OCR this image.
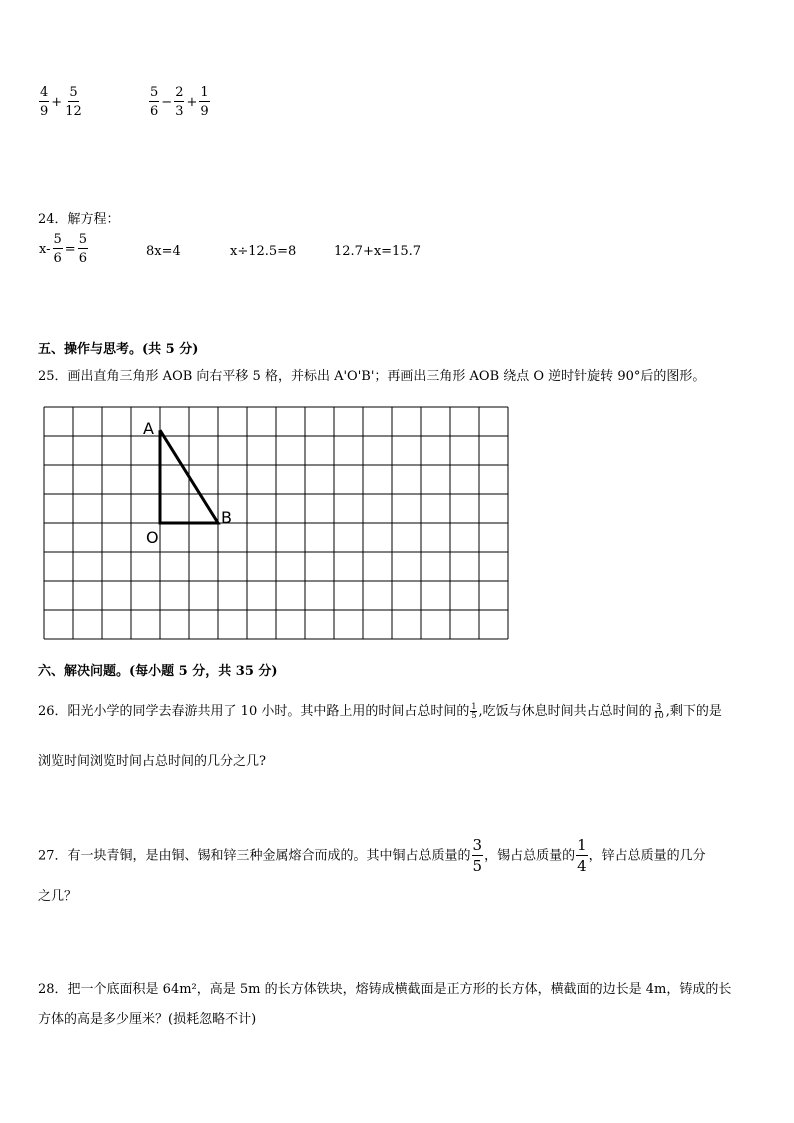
$\frac{4}{9} + \frac{5}{12}$	$\frac{5}{6} - \frac{2}{3} + \frac{1}{9}$
24．解方程：
$x- \frac{5}{6} = \frac{5}{6}$	8x=4	x÷12.5=8	12.7+x=15.7
五、操作与思考。(共 5 分)
25．画出直角三角形 AOB 向右平移 5 格，并标出 A'O'B'；再画出三角形 AOB 绕点 O 逆时针旋转 90°后的图形。
A
O
B
六、解决问题。(每小题 5 分，共 35 分)
26．阳光小学的同学去春游共用了 10 小时。其中路上用的时间占总时间的 $\frac{1}{5}$ ,吃饭与休息时间共占总时间的 $\frac{3}{10}$ ,剩下的是
浏览时间浏览时间占总时间的几分之几?
27．有一块青铜，是由铜、锡和锌三种金属熔合而成的。其中铜占总质量的 $\frac{3}{5}$ ，锡占总质量的 $\frac{1}{4}$ ，锌占总质量的几分
之几？
28．把一个底面积是 64m²，高是 5m 的长方体铁块，熔铸成横截面是正方形的长方体，横截面的边长是 4m，铸成的长
方体的高是多少厘米？(损耗忽略不计)
